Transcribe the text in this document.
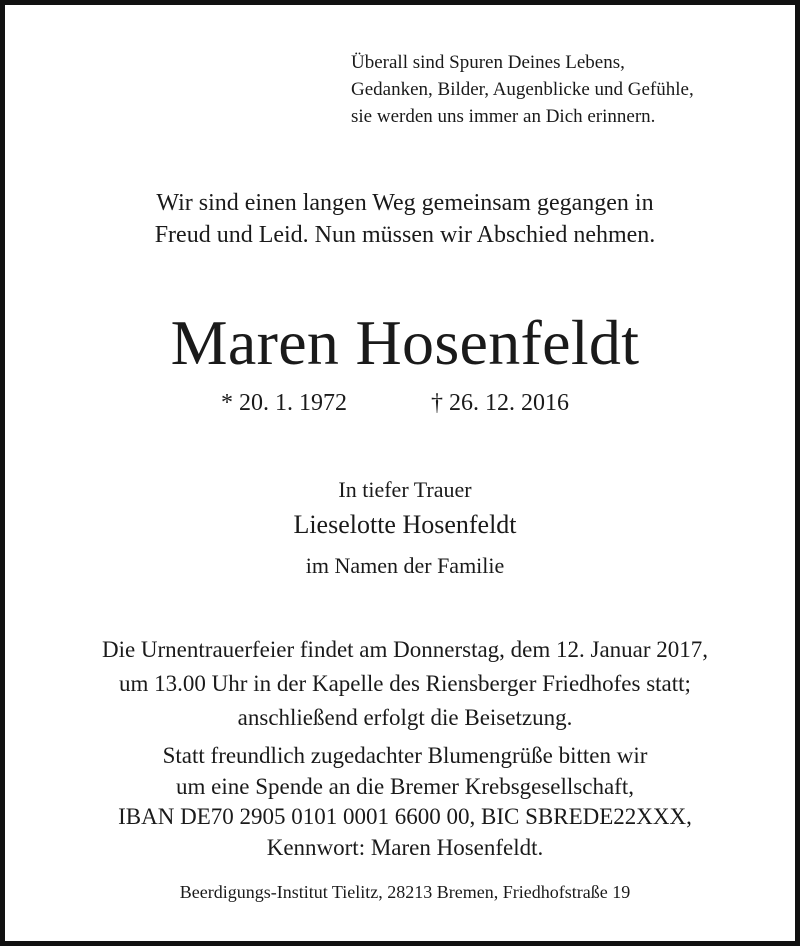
Überall sind Spuren Deines Lebens,
Gedanken, Bilder, Augenblicke und Gefühle,
sie werden uns immer an Dich erinnern.
Wir sind einen langen Weg gemeinsam gegangen in
Freud und Leid. Nun müssen wir Abschied nehmen.
Maren Hosenfeldt
* 20. 1. 1972	† 26. 12. 2016
In tiefer Trauer
Lieselotte Hosenfeldt
im Namen der Familie
Die Urnentrauerfeier findet am Donnerstag, dem 12. Januar 2017,
um 13.00 Uhr in der Kapelle des Riensberger Friedhofes statt;
anschließend erfolgt die Beisetzung.
Statt freundlich zugedachter Blumengrüße bitten wir
um eine Spende an die Bremer Krebsgesellschaft,
IBAN DE70 2905 0101 0001 6600 00, BIC SBREDE22XXX,
Kennwort: Maren Hosenfeldt.
Beerdigungs-Institut Tielitz, 28213 Bremen, Friedhofstraße 19
